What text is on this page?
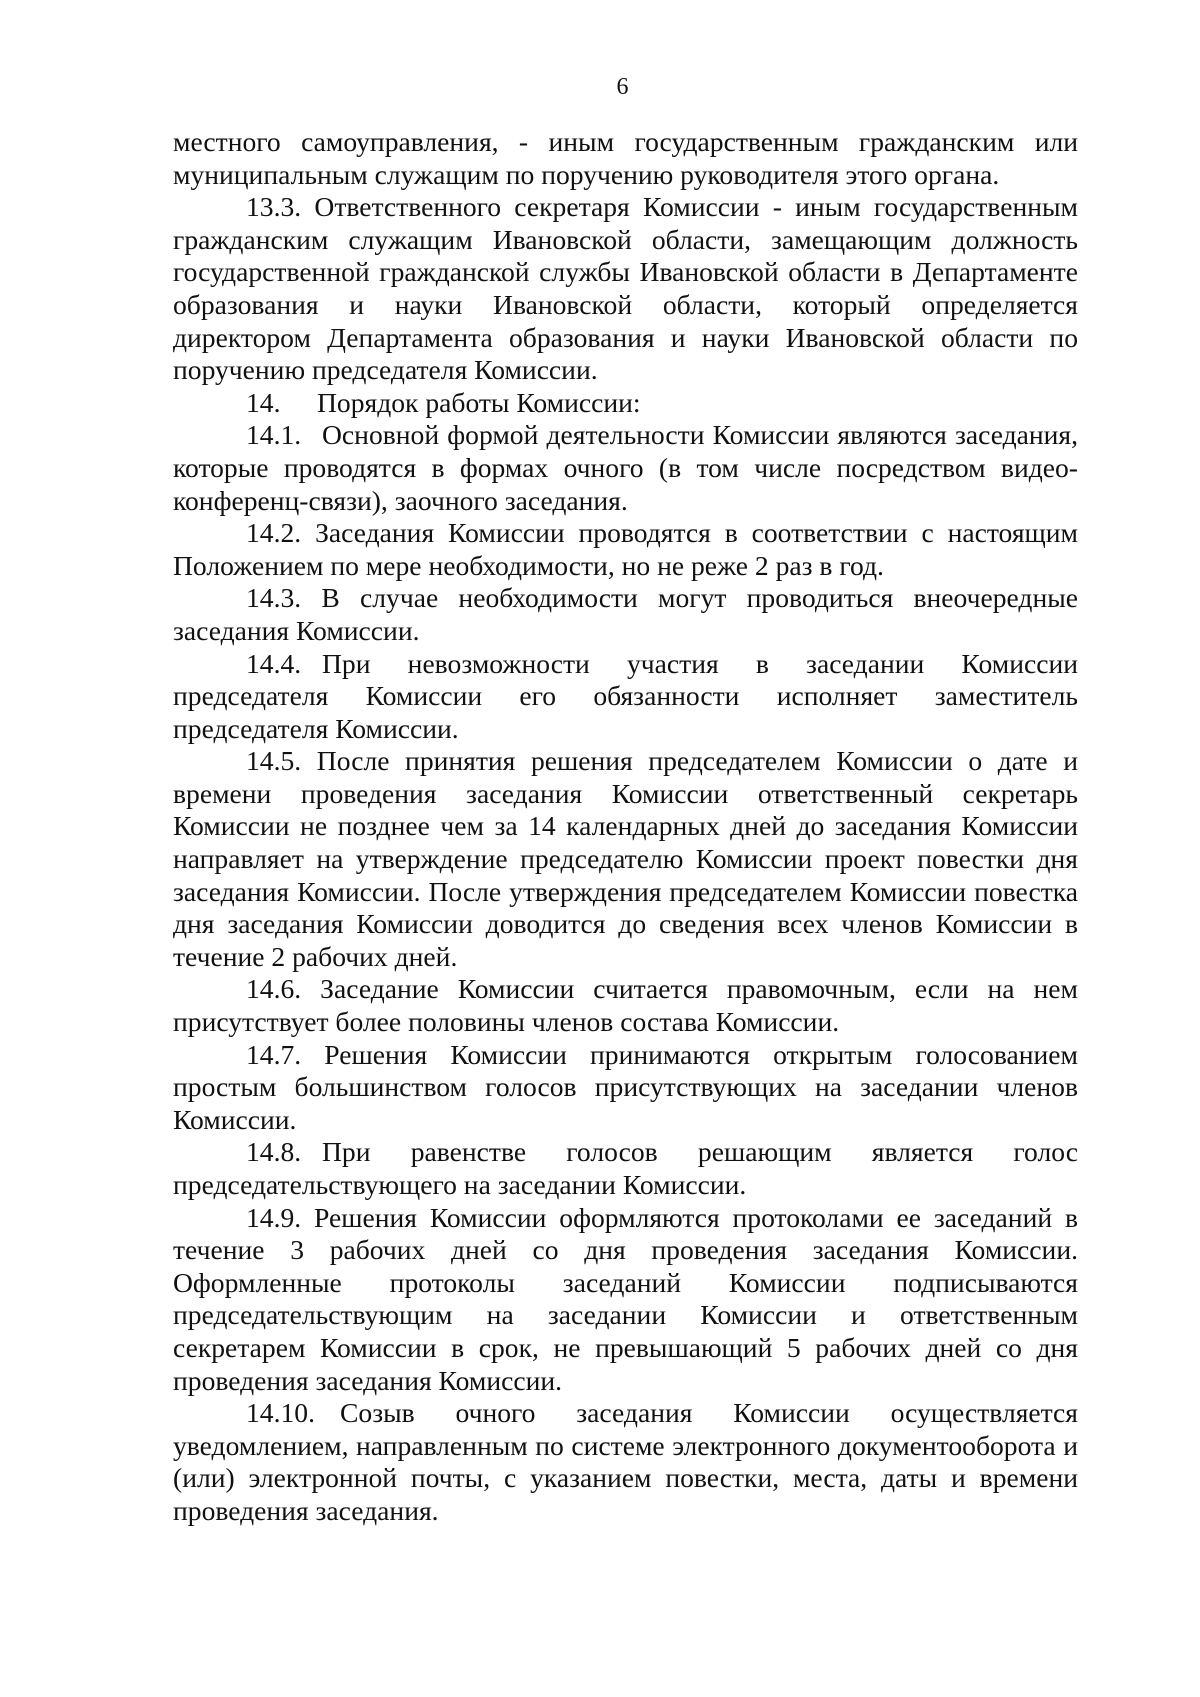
6

местного самоуправления, - иным государственным гражданским или муниципальным служащим по поручению руководителя этого органа.

13.3. Ответственного секретаря Комиссии - иным государственным гражданским служащим Ивановской области, замещающим должность государственной гражданской службы Ивановской области в Департаменте образования и науки Ивановской области, который определяется директором Департамента образования и науки Ивановской области по поручению председателя Комиссии.

14. Порядок работы Комиссии:

14.1. Основной формой деятельности Комиссии являются заседания, которые проводятся в формах очного (в том числе посредством видео-конференц-связи), заочного заседания.

14.2. Заседания Комиссии проводятся в соответствии с настоящим Положением по мере необходимости, но не реже 2 раз в год.

14.3. В случае необходимости могут проводиться внеочередные заседания Комиссии.

14.4. При невозможности участия в заседании Комиссии председателя Комиссии его обязанности исполняет заместитель председателя Комиссии.

14.5. После принятия решения председателем Комиссии о дате и времени проведения заседания Комиссии ответственный секретарь Комиссии не позднее чем за 14 календарных дней до заседания Комиссии направляет на утверждение председателю Комиссии проект повестки дня заседания Комиссии. После утверждения председателем Комиссии повестка дня заседания Комиссии доводится до сведения всех членов Комиссии в течение 2 рабочих дней.

14.6. Заседание Комиссии считается правомочным, если на нем присутствует более половины членов состава Комиссии.

14.7. Решения Комиссии принимаются открытым голосованием простым большинством голосов присутствующих на заседании членов Комиссии.

14.8. При равенстве голосов решающим является голос председательствующего на заседании Комиссии.

14.9. Решения Комиссии оформляются протоколами ее заседаний в течение 3 рабочих дней со дня проведения заседания Комиссии. Оформленные протоколы заседаний Комиссии подписываются председательствующим на заседании Комиссии и ответственным секретарем Комиссии в срок, не превышающий 5 рабочих дней со дня проведения заседания Комиссии.

14.10. Созыв очного заседания Комиссии осуществляется уведомлением, направленным по системе электронного документооборота и (или) электронной почты, с указанием повестки, места, даты и времени проведения заседания.
